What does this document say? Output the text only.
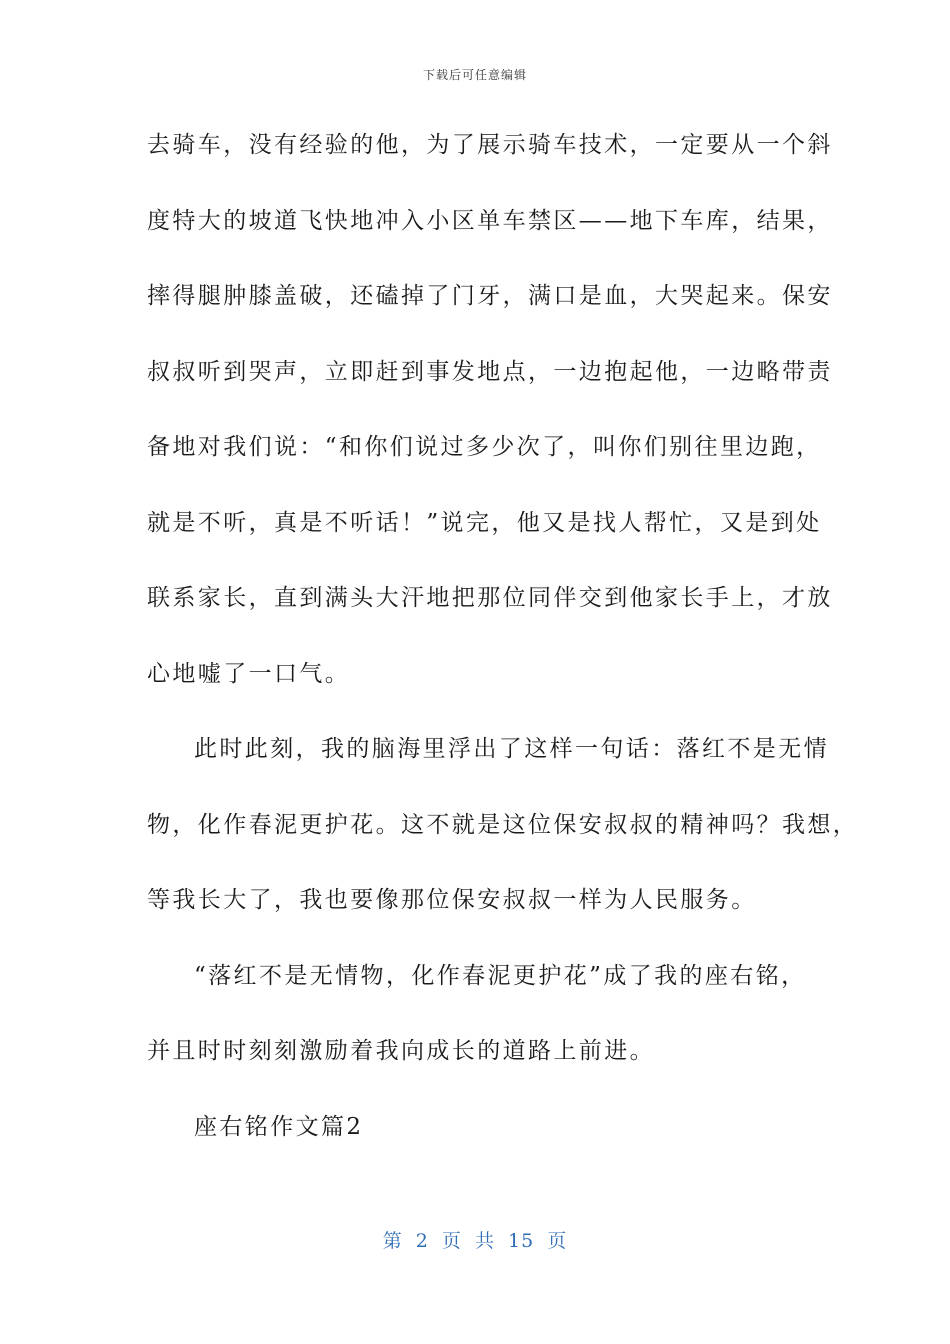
下载后可任意编辑
去骑车，没有经验的他，为了展示骑车技术，一定要从一个斜
度特大的坡道飞快地冲入小区单车禁区——地下车库，结果，
摔得腿肿膝盖破，还磕掉了门牙，满口是血，大哭起来。保安
叔叔听到哭声，立即赶到事发地点，一边抱起他，一边略带责
备地对我们说：“和你们说过多少次了，叫你们别往里边跑，
就是不听，真是不听话！”说完，他又是找人帮忙，又是到处
联系家长，直到满头大汗地把那位同伴交到他家长手上，才放
心地嘘了一口气。
此时此刻，我的脑海里浮出了这样一句话：落红不是无情
物，化作春泥更护花。这不就是这位保安叔叔的精神吗？我想，
等我长大了，我也要像那位保安叔叔一样为人民服务。
“落红不是无情物，化作春泥更护花”成了我的座右铭，
并且时时刻刻激励着我向成长的道路上前进。
座右铭作文篇2
第 2 页 共 15 页
